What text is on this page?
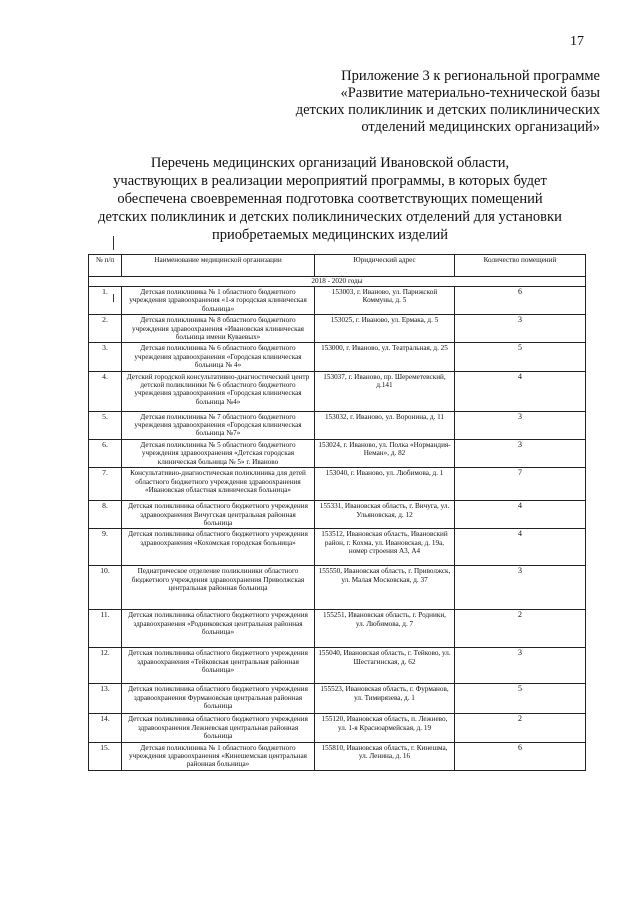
17
Приложение 3 к региональной программе
«Развитие материально-технической базы
детских поликлиник и детских поликлинических
отделений медицинских организаций»
Перечень медицинских организаций Ивановской области,
участвующих в реализации мероприятий программы, в которых будет
обеспечена своевременная подготовка соответствующих помещений
детских поликлиник и детских поликлинических отделений для установки
приобретаемых медицинских изделий
№ п/п	Наименование медицинской организации	Юридический адрес	Количество помещений
2018 - 2020 годы			
1.	Детская поликлиника № 1 областного бюджетного учреждения здравоохранения «1-я городская клиническая больница»	153003, г. Иваново, ул. Парижской Коммуны, д. 5	6
2.	Детская поликлиника № 8 областного бюджетного учреждения здравоохранения «Ивановская клиническая больница имени Куваевых»	153025, г. Иваново, ул. Ермака, д. 5	3
3.	Детская поликлиника № 6 областного бюджетного учреждения здравоохранения «Городская клиническая больница № 4»	153000, г. Иваново, ул. Театральная, д. 25	5
4.	Детский городской консультативно-диагностический центр детской поликлиники № 6 областного бюджетного учреждения здравоохранения «Городская клиническая больница №4»	153037, г. Иваново, пр. Шереметевский, д.141	4
5.	Детская поликлиника № 7 областного бюджетного учреждения здравоохранения «Городская клиническая больница №7»	153032, г. Иваново, ул. Воронина, д. 11	3
6.	Детская поликлиника № 5 областного бюджетного учреждения здравоохранения «Детская городская клиническая больница № 5» г. Иваново	153024, г. Иваново, ул. Полка «Нормандия-Неман», д. 82	3
7.	Консультативно-диагностическая поликлиника для детей областного бюджетного учреждения здравоохранения «Ивановская областная клиническая больница»	153040, г. Иваново, ул. Любимова, д. 1	7
8.	Детская поликлиника областного бюджетного учреждения здравоохранения Вичугская центральная районная больница	155331, Ивановская область, г. Вичуга, ул. Ульяновская, д. 12	4
9.	Детская поликлиника областного бюджетного учреждения здравоохранения «Кохомская городская больница»	153512, Ивановская область, Ивановский район, г. Кохма, ул. Ивановская, д. 19а, номер строения А3, А4	4
10.	Педиатрическое отделение поликлиники областного бюджетного учреждения здравоохранения Приволжская центральная районная больница	155550, Ивановская область, г. Приволжск, ул. Малая Московская, д. 37	3
11.	Детская поликлиника областного бюджетного учреждения здравоохранения «Родниковская центральная районная больница»	155251, Ивановская область, г. Родники, ул. Любимова, д. 7	2
12.	Детская поликлиника областного бюджетного учреждения здравоохранения «Тейковская центральная районная больница»	155040, Ивановская область, г. Тейково, ул. Шестагинская, д. 62	3
13.	Детская поликлиника областного бюджетного учреждения здравоохранения Фурмановская центральная районная больница	155523, Ивановская область, г. Фурманов, ул. Тимирязева, д. 1	5
14.	Детская поликлиника областного бюджетного учреждения здравоохранения Лежневская центральная районная больница	155120, Ивановская область, п. Лежнево, ул. 1-я Красноармейская, д. 19	2
15.	Детская поликлиника № 1 областного бюджетного учреждения здравоохранения «Кинешемская центральная районная больница»	155810, Ивановская область, г. Кинешма, ул. Ленина, д. 16	6
